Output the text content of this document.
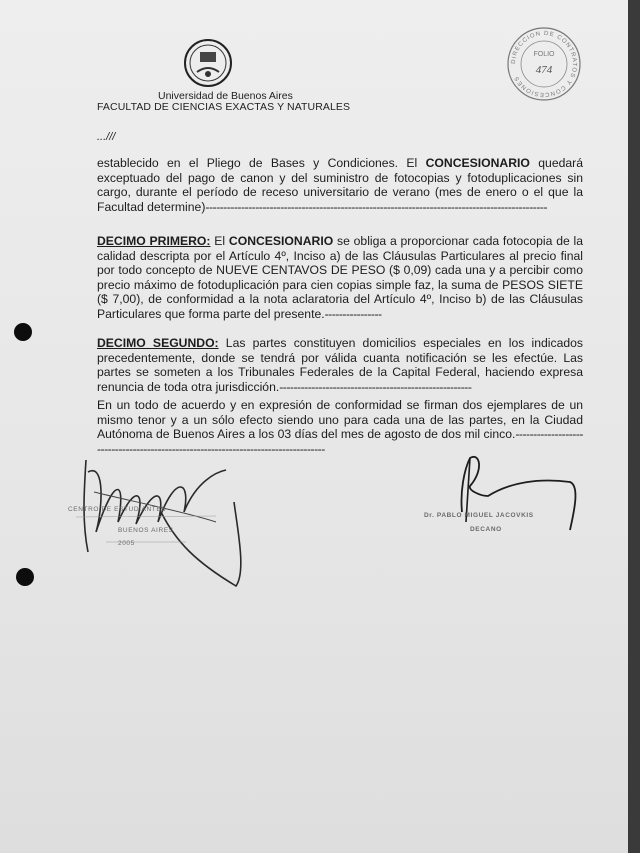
Universidad de Buenos Aires
FACULTAD DE CIENCIAS EXACTAS Y NATURALES
DIRECCION DE CONTRATOS Y CONCESIONES
FOLIO
474
...///
establecido en el Pliego de Bases y Condiciones. El CONCESIONARIO quedará exceptuado del pago de canon y del suministro de fotocopias y fotoduplicaciones sin cargo, durante el período de receso universitario de verano (mes de enero o el que la Facultad determine)------------------------------------------------------------------------------------------------
DECIMO PRIMERO: El CONCESIONARIO se obliga a proporcionar cada fotocopia de la calidad descripta por el Artículo 4º, Inciso a) de las Cláusulas Particulares al precio final por todo concepto de NUEVE CENTAVOS DE PESO ($ 0,09) cada una y a percibir como precio máximo de fotoduplicación para cien copias simple faz, la suma de PESOS SIETE ($ 7,00), de conformidad a la nota aclaratoria del Artículo 4º, Inciso b) de las Cláusulas Particulares que forma parte del presente.----------------
DECIMO SEGUNDO: Las partes constituyen domicilios especiales en los indicados precedentemente, donde se tendrá por válida cuanta notificación se les efectúe. Las partes se someten a los Tribunales Federales de la Capital Federal, haciendo expresa renuncia de toda otra jurisdicción.------------------------------------------------------
En un todo de acuerdo y en expresión de conformidad se firman dos ejemplares de un mismo tenor y a un sólo efecto siendo uno para cada una de las partes, en la Ciudad Autónoma de Buenos Aires a los 03 días del mes de agosto de dos mil cinco.-----------------------------------------------------------------------------------
CENTRO DE ESTUDIANTES
BUENOS AIRES
2005
Dr. PABLO MIGUEL JACOVKIS
DECANO
